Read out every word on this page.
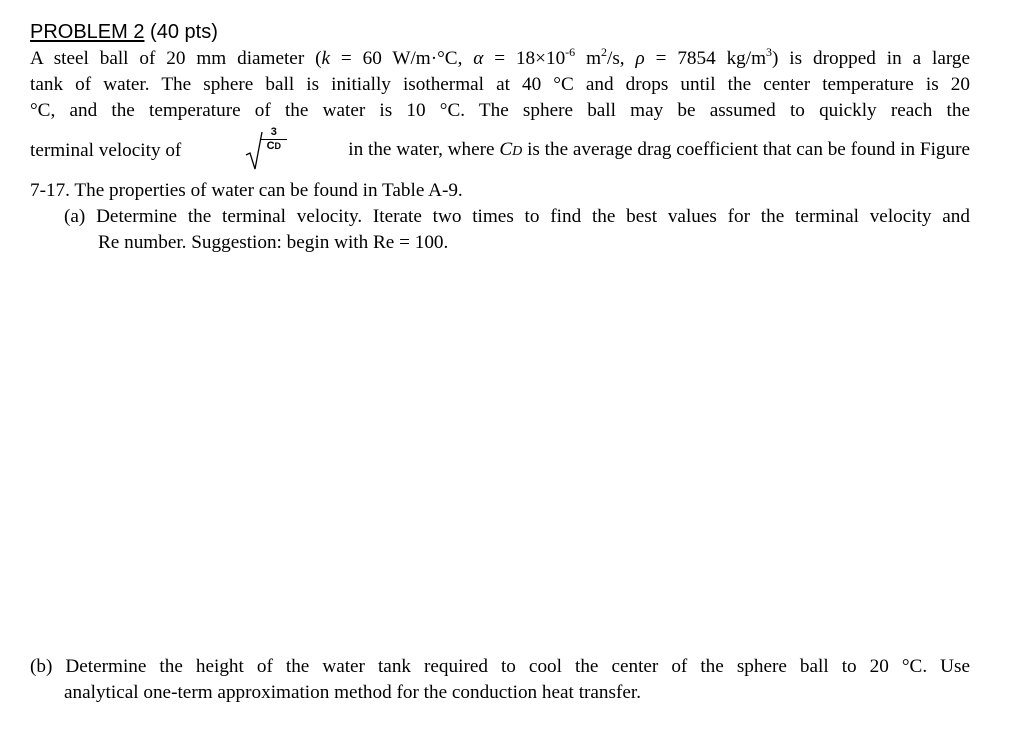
PROBLEM 2 (40 pts)
A steel ball of 20 mm diameter (k = 60 W/m·°C, $\alpha = 18\times 10^{-6}$ $m^2/s$, ρ = 7854 $kg/m^3$) is dropped in a large
tank of water. The sphere ball is initially isothermal at 40 °C and drops until the center temperature is 20
°C, and the temperature of the water is 10 °C. The sphere ball may be assumed to quickly reach the
terminal velocity of
3
CD	in the water, where CD is the average drag coefficient that can be found in Figure
7-17. The properties of water can be found in Table A-9.
(a) Determine the terminal velocity. Iterate two times to find the best values for the terminal velocity and
Re number. Suggestion: begin with Re = 100.
(b) Determine the height of the water tank required to cool the center of the sphere ball to 20 °C. Use
analytical one-term approximation method for the conduction heat transfer.
